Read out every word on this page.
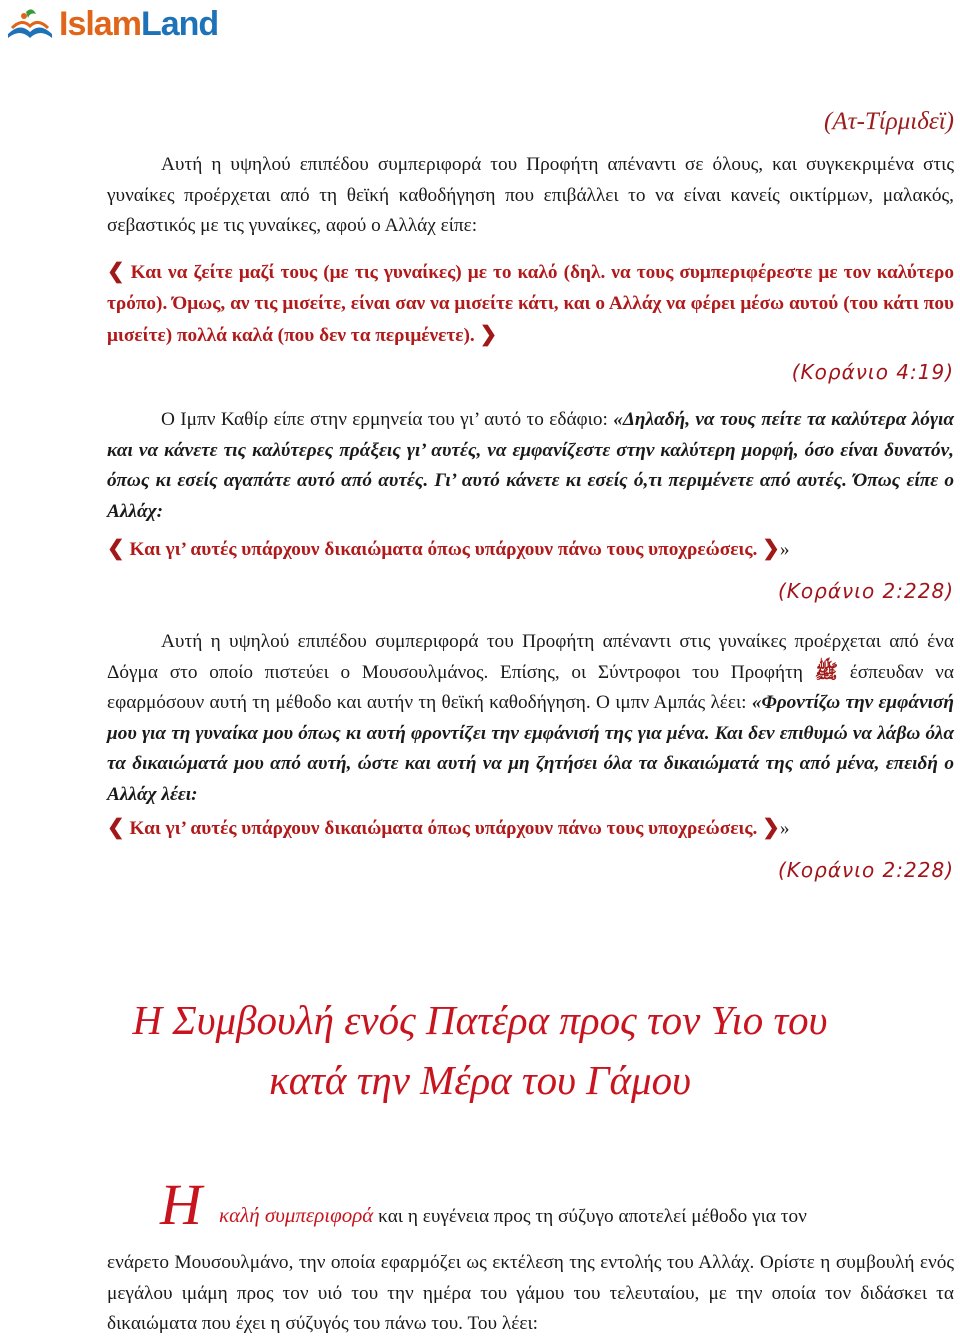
IslamLand
(Ατ-Τίρμιδεϊ)
Αυτή η υψηλού επιπέδου συμπεριφορά του Προφήτη απέναντι σε όλους, και συγκεκριμένα στις γυναίκες προέρχεται από τη θεϊκή καθοδήγηση που επιβάλλει το να είναι κανείς οικτίρμων, μαλακός, σεβαστικός με τις γυναίκες, αφού ο Αλλάχ είπε:
❮ Και να ζείτε μαζί τους (με τις γυναίκες) με το καλό (δηλ. να τους συμπεριφέρεστε με τον καλύτερο τρόπο). Όμως, αν τις μισείτε, είναι σαν να μισείτε κάτι, και ο Αλλάχ να φέρει μέσω αυτού (του κάτι που μισείτε) πολλά καλά (που δεν τα περιμένετε). ❯
(Κοράνιο 4:19)
Ο Ιμπν Καθίρ είπε στην ερμηνεία του γι’ αυτό το εδάφιο: «Δηλαδή, να τους πείτε τα καλύτερα λόγια και να κάνετε τις καλύτερες πράξεις γι’ αυτές, να εμφανίζεστε στην καλύτερη μορφή, όσο είναι δυνατόν, όπως κι εσείς αγαπάτε αυτό από αυτές. Γι’ αυτό κάνετε κι εσείς ό,τι περιμένετε από αυτές. Όπως είπε ο Αλλάχ:
❮ Και γι’ αυτές υπάρχουν δικαιώματα όπως υπάρχουν πάνω τους υποχρεώσεις. ❯»
(Κοράνιο 2:228)
Αυτή η υψηλού επιπέδου συμπεριφορά του Προφήτη απέναντι στις γυναίκες προέρχεται από ένα Δόγμα στο οποίο πιστεύει ο Μουσουλμάνος. Επίσης, οι Σύντροφοι του Προφήτη ﷺ έσπευδαν να εφαρμόσουν αυτή τη μέθοδο και αυτήν τη θεϊκή καθοδήγηση. Ο ιμπν Αμπάς λέει: «Φροντίζω την εμφάνισή μου για τη γυναίκα μου όπως κι αυτή φροντίζει την εμφάνισή της για μένα. Και δεν επιθυμώ να λάβω όλα τα δικαιώματά μου από αυτή, ώστε και αυτή να μη ζητήσει όλα τα δικαιώματά της από μένα, επειδή ο Αλλάχ λέει:
❮ Και γι’ αυτές υπάρχουν δικαιώματα όπως υπάρχουν πάνω τους υποχρεώσεις. ❯»
(Κοράνιο 2:228)
Η Συμβουλή ενός Πατέρα προς τον Υιο του
κατά την Μέρα του Γάμου
Η καλή συμπεριφορά και η ευγένεια προς τη σύζυγο αποτελεί μέθοδο για τον
ενάρετο Μουσουλμάνο, την οποία εφαρμόζει ως εκτέλεση της εντολής του Αλλάχ. Ορίστε η συμβουλή ενός μεγάλου ιμάμη προς τον υιό του την ημέρα του γάμου του τελευταίου, με την οποία τον διδάσκει τα δικαιώματα που έχει η σύζυγός του πάνω του. Του λέει:
